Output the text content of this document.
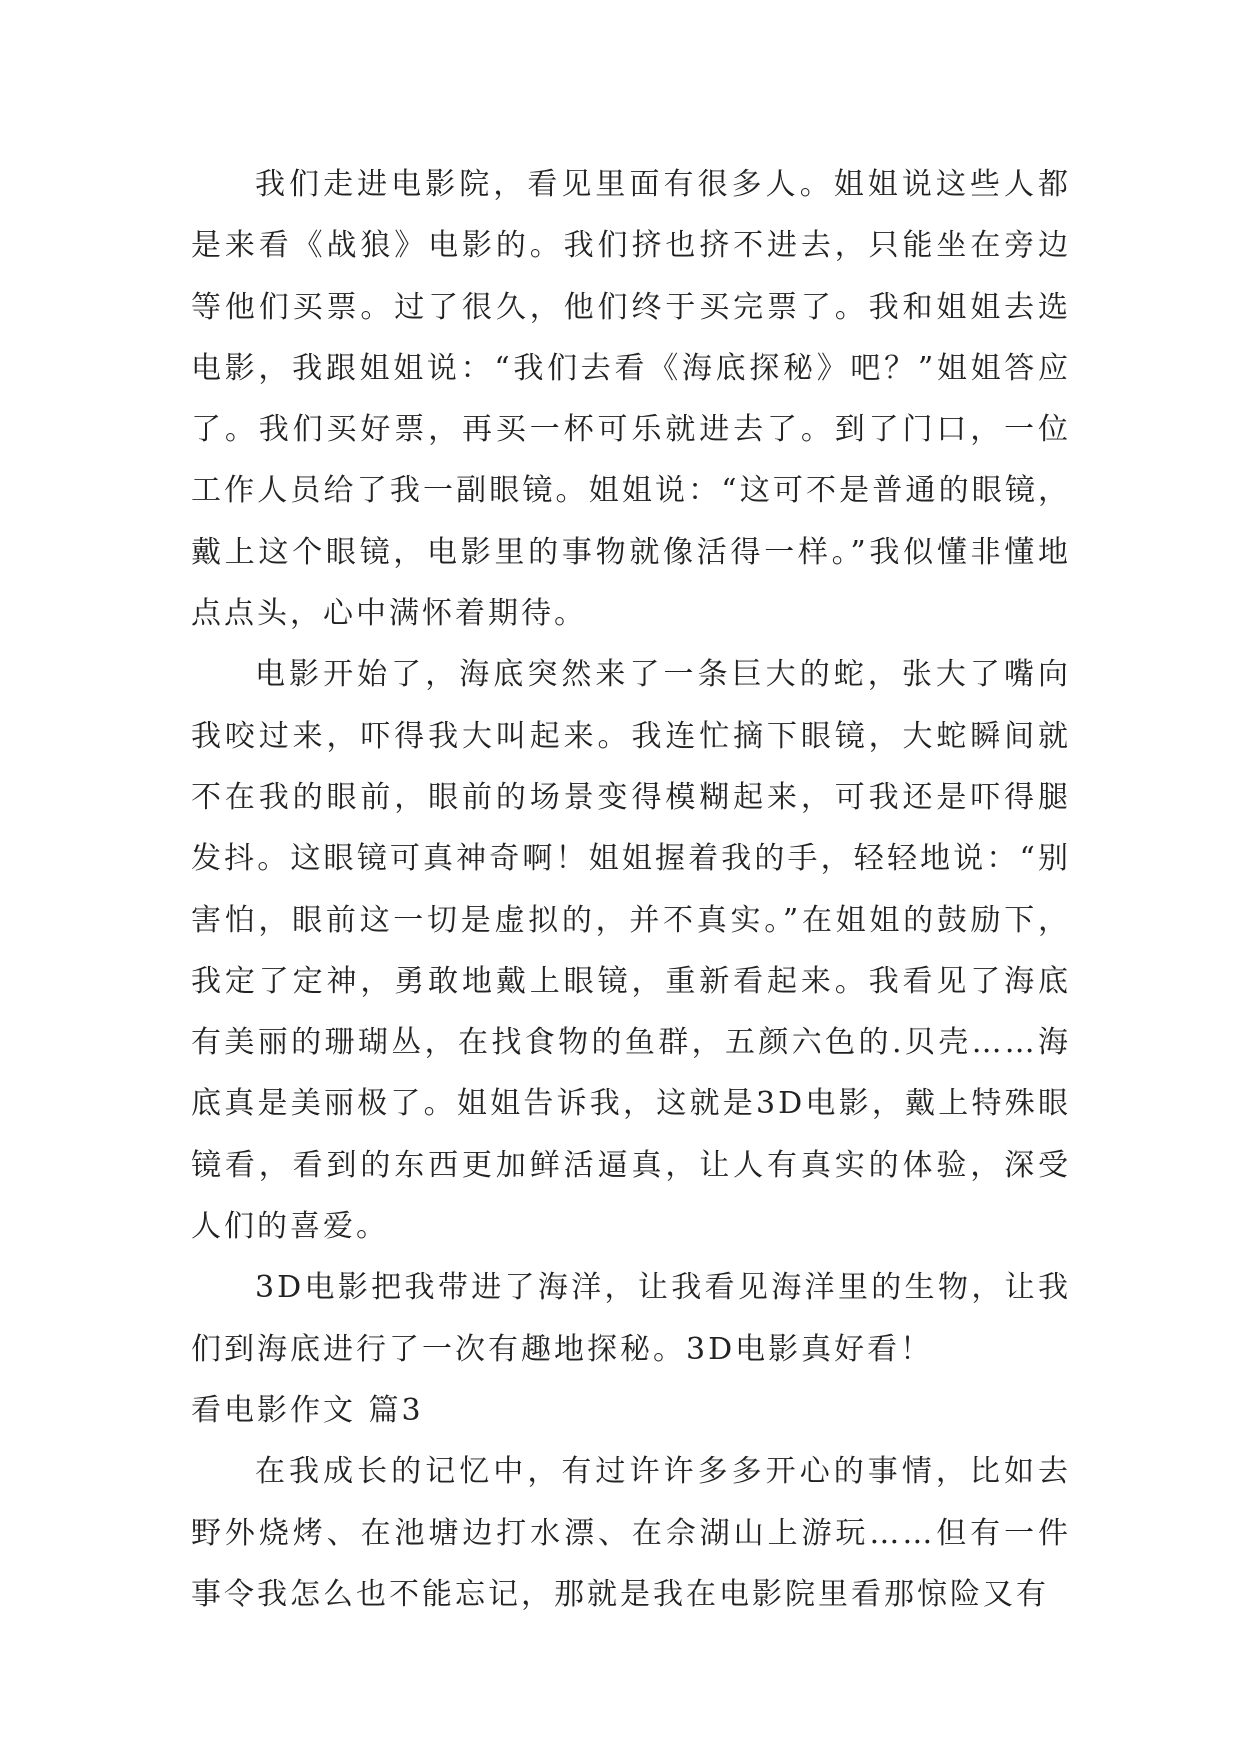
我们走进电影院，看见里面有很多人。姐姐说这些人都是来看《战狼》电影的。我们挤也挤不进去，只能坐在旁边等他们买票。过了很久，他们终于买完票了。我和姐姐去选电影，我跟姐姐说：“我们去看《海底探秘》吧？”姐姐答应了。我们买好票，再买一杯可乐就进去了。到了门口，一位工作人员给了我一副眼镜。姐姐说：“这可不是普通的眼镜，戴上这个眼镜，电影里的事物就像活得一样。”我似懂非懂地点点头，心中满怀着期待。

电影开始了，海底突然来了一条巨大的蛇，张大了嘴向我咬过来，吓得我大叫起来。我连忙摘下眼镜，大蛇瞬间就不在我的眼前，眼前的场景变得模糊起来，可我还是吓得腿发抖。这眼镜可真神奇啊！姐姐握着我的手，轻轻地说：“别害怕，眼前这一切是虚拟的，并不真实。”在姐姐的鼓励下，我定了定神，勇敢地戴上眼镜，重新看起来。我看见了海底有美丽的珊瑚丛，在找食物的鱼群，五颜六色的.贝壳……海底真是美丽极了。姐姐告诉我，这就是3D电影，戴上特殊眼镜看，看到的东西更加鲜活逼真，让人有真实的体验，深受人们的喜爱。

3D电影把我带进了海洋，让我看见海洋里的生物，让我们到海底进行了一次有趣地探秘。3D电影真好看！

看电影作文 篇3

在我成长的记忆中，有过许许多多开心的事情，比如去野外烧烤、在池塘边打水漂、在佘湖山上游玩……但有一件事令我怎么也不能忘记，那就是我在电影院里看那惊险又有
